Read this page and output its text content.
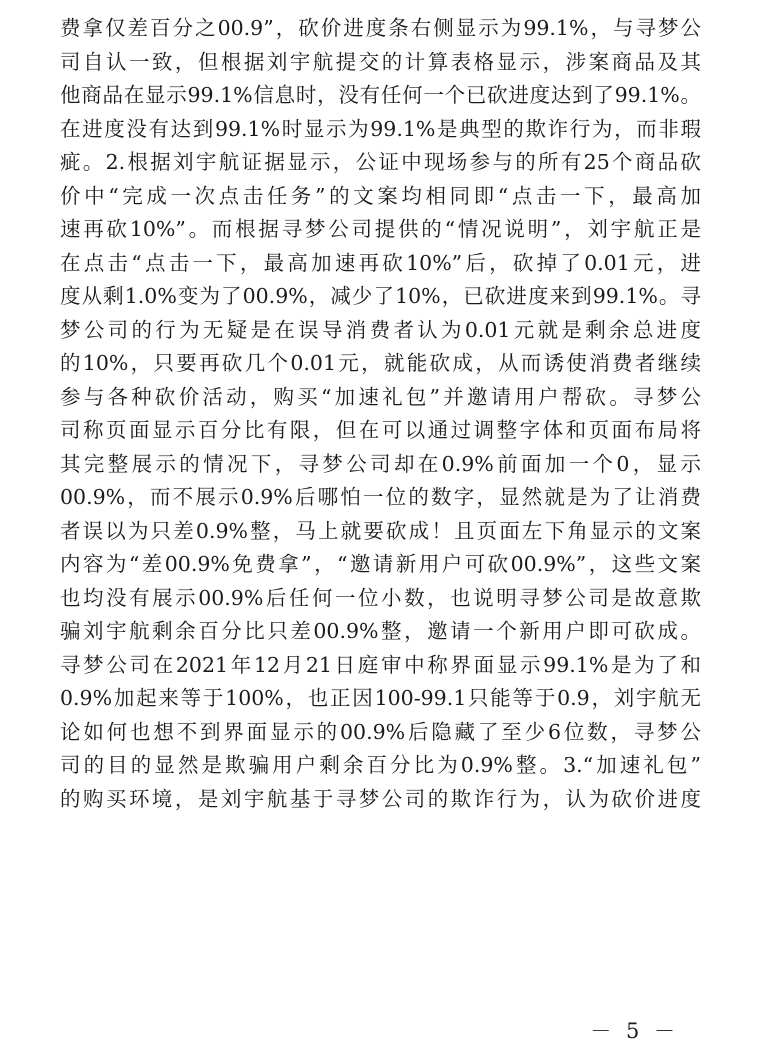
费拿仅差百分之00.9”，砍价进度条右侧显示为99.1%，与寻梦公
司自认一致，但根据刘宇航提交的计算表格显示，涉案商品及其
他商品在显示99.1%信息时，没有任何一个已砍进度达到了99.1%。
在进度没有达到99.1%时显示为99.1%是典型的欺诈行为，而非瑕
疵。2.根据刘宇航证据显示，公证中现场参与的所有25个商品砍
价中“完成一次点击任务”的文案均相同即“点击一下，最高加
速再砍10%”。而根据寻梦公司提供的“情况说明”，刘宇航正是
在点击“点击一下，最高加速再砍10%”后，砍掉了0.01元，进
度从剩1.0%变为了00.9%，减少了10%，已砍进度来到99.1%。寻
梦公司的行为无疑是在误导消费者认为0.01元就是剩余总进度
的10%，只要再砍几个0.01元，就能砍成，从而诱使消费者继续
参与各种砍价活动，购买“加速礼包”并邀请用户帮砍。寻梦公
司称页面显示百分比有限，但在可以通过调整字体和页面布局将
其完整展示的情况下，寻梦公司却在0.9%前面加一个0，显示
00.9%，而不展示0.9%后哪怕一位的数字，显然就是为了让消费
者误以为只差0.9%整，马上就要砍成！且页面左下角显示的文案
内容为“差00.9%免费拿”，“邀请新用户可砍00.9%”，这些文案
也均没有展示00.9%后任何一位小数，也说明寻梦公司是故意欺
骗刘宇航剩余百分比只差00.9%整，邀请一个新用户即可砍成。
寻梦公司在2021年12月21日庭审中称界面显示99.1%是为了和
0.9%加起来等于100%，也正因100-99.1只能等于0.9，刘宇航无
论如何也想不到界面显示的00.9%后隐藏了至少6位数，寻梦公
司的目的显然是欺骗用户剩余百分比为0.9%整。3.“加速礼包”
的购买环境，是刘宇航基于寻梦公司的欺诈行为，认为砍价进度
－ 5 －
